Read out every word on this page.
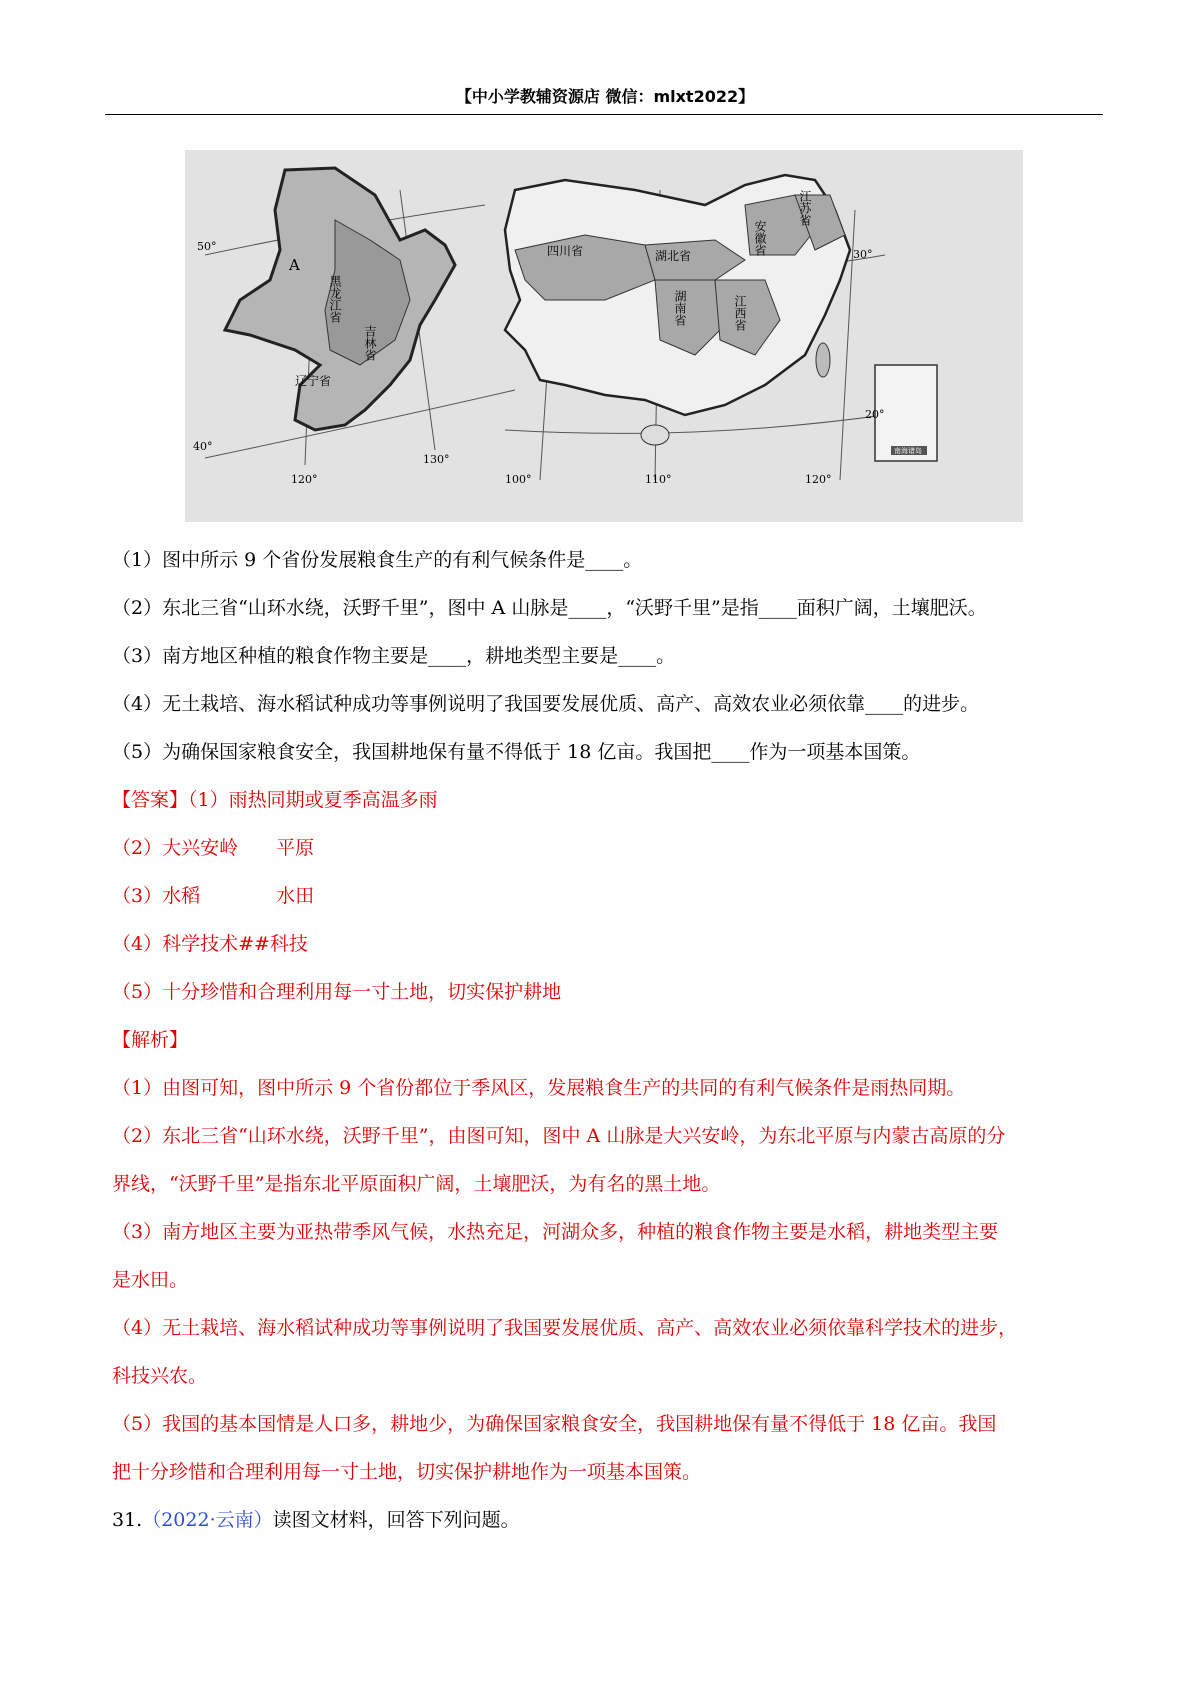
【中小学教辅资源店 微信：mlxt2022】
50°
40°
30°
20°
120°
130°
100°	110°	120°
A
黑龙江省
吉林省
辽宁省
四川省	湖北省	安徽省
江苏省
湖南省	江西省
南海诸岛
（1）图中所示 9 个省份发展粮食生产的有利气候条件是____。
（2）东北三省“山环水绕，沃野千里”，图中 A 山脉是____，“沃野千里”是指____面积广阔，土壤肥沃。
（3）南方地区种植的粮食作物主要是____，耕地类型主要是____。
（4）无土栽培、海水稻试种成功等事例说明了我国要发展优质、高产、高效农业必须依靠____的进步。
（5）为确保国家粮食安全，我国耕地保有量不得低于 18 亿亩。我国把____作为一项基本国策。
【答案】（1）雨热同期或夏季高温多雨
（2）大兴安岭 平原
（3）水稻	水田
（4）科学技术##科技
（5）十分珍惜和合理利用每一寸土地，切实保护耕地
【解析】
（1）由图可知，图中所示 9 个省份都位于季风区，发展粮食生产的共同的有利气候条件是雨热同期。
（2）东北三省“山环水绕，沃野千里”，由图可知，图中 A 山脉是大兴安岭，为东北平原与内蒙古高原的分
界线，“沃野千里”是指东北平原面积广阔，土壤肥沃，为有名的黑土地。
（3）南方地区主要为亚热带季风气候，水热充足，河湖众多，种植的粮食作物主要是水稻，耕地类型主要
是水田。
（4）无土栽培、海水稻试种成功等事例说明了我国要发展优质、高产、高效农业必须依靠科学技术的进步，
科技兴农。
（5）我国的基本国情是人口多，耕地少，为确保国家粮食安全，我国耕地保有量不得低于 18 亿亩。我国
把十分珍惜和合理利用每一寸土地，切实保护耕地作为一项基本国策。
31.（2022·云南）读图文材料，回答下列问题。
